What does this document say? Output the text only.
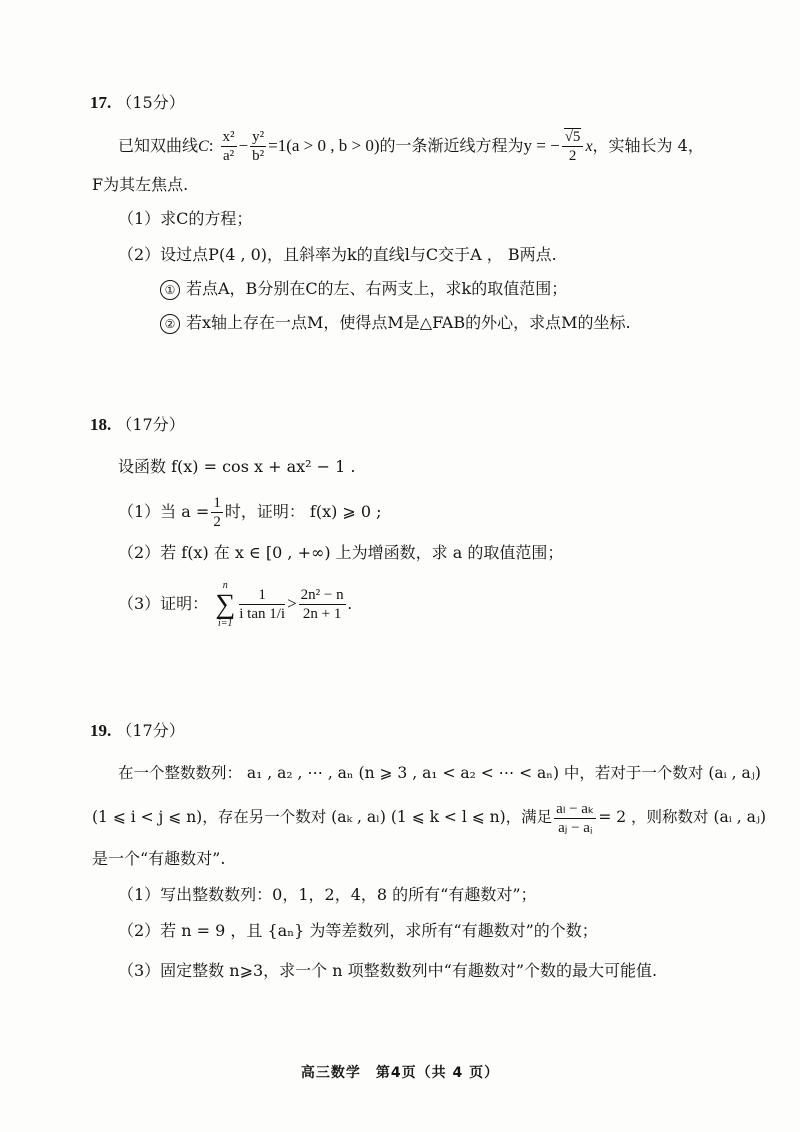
17. （15分）
已知双曲线C: $\frac{\text{x²}}{\text{a²}} - \frac{\text{y²}}{\text{b²}} =1(a > 0$ , b > 0)的一条渐近线方程为y = − $\frac{√5}{2}$ x，实轴长为 4，
F为其左焦点.
（1）求C的方程；
（2）设过点P(4 , 0)，且斜率为k的直线l与C交于A ， B两点.
① 若点A，B分别在C的左、右两支上，求k的取值范围；
② 若x轴上存在一点M，使得点M是△FAB的外心，求点M的坐标.
18. （17分）
设函数 f(x) = cos x + ax² − 1 .
（1）当 $a = \frac{1}{2}$ 时，证明： f(x) ⩾ 0 ;
（2）若 f(x) 在 x ∈ [0 , +∞) 上为增函数，求 a 的取值范围；
（3）证明：
n
∑
$i=1 \frac{1}{\text{i tan 1/i}} > \frac{\text{2n² − n}}{2n + 1}$ .
19. （17分）
在一个整数数列： a₁ , a₂ , ⋯ , aₙ (n ⩾ 3 , a₁ < a₂ < ⋯ < aₙ) 中，若对于一个数对 (aᵢ , aⱼ)
(1 ⩽ i < j ⩽ n)，存在另一个数对 (aₖ , aₗ) (1 ⩽ k < l ⩽ n)，满足 $\frac{\text{aₗ − aₖ}}{\text{aⱼ − aᵢ}} = 2$ ，则称数对 (aᵢ , aⱼ)
是一个“有趣数对”.
（1）写出整数数列：0，1，2，4，8 的所有“有趣数对”；
（2）若 n = 9 ，且 {aₙ} 为等差数列，求所有“有趣数对”的个数；
（3）固定整数 n⩾3，求一个 n 项整数数列中“有趣数对”个数的最大可能值.
高三数学　第4页（共 4 页）
